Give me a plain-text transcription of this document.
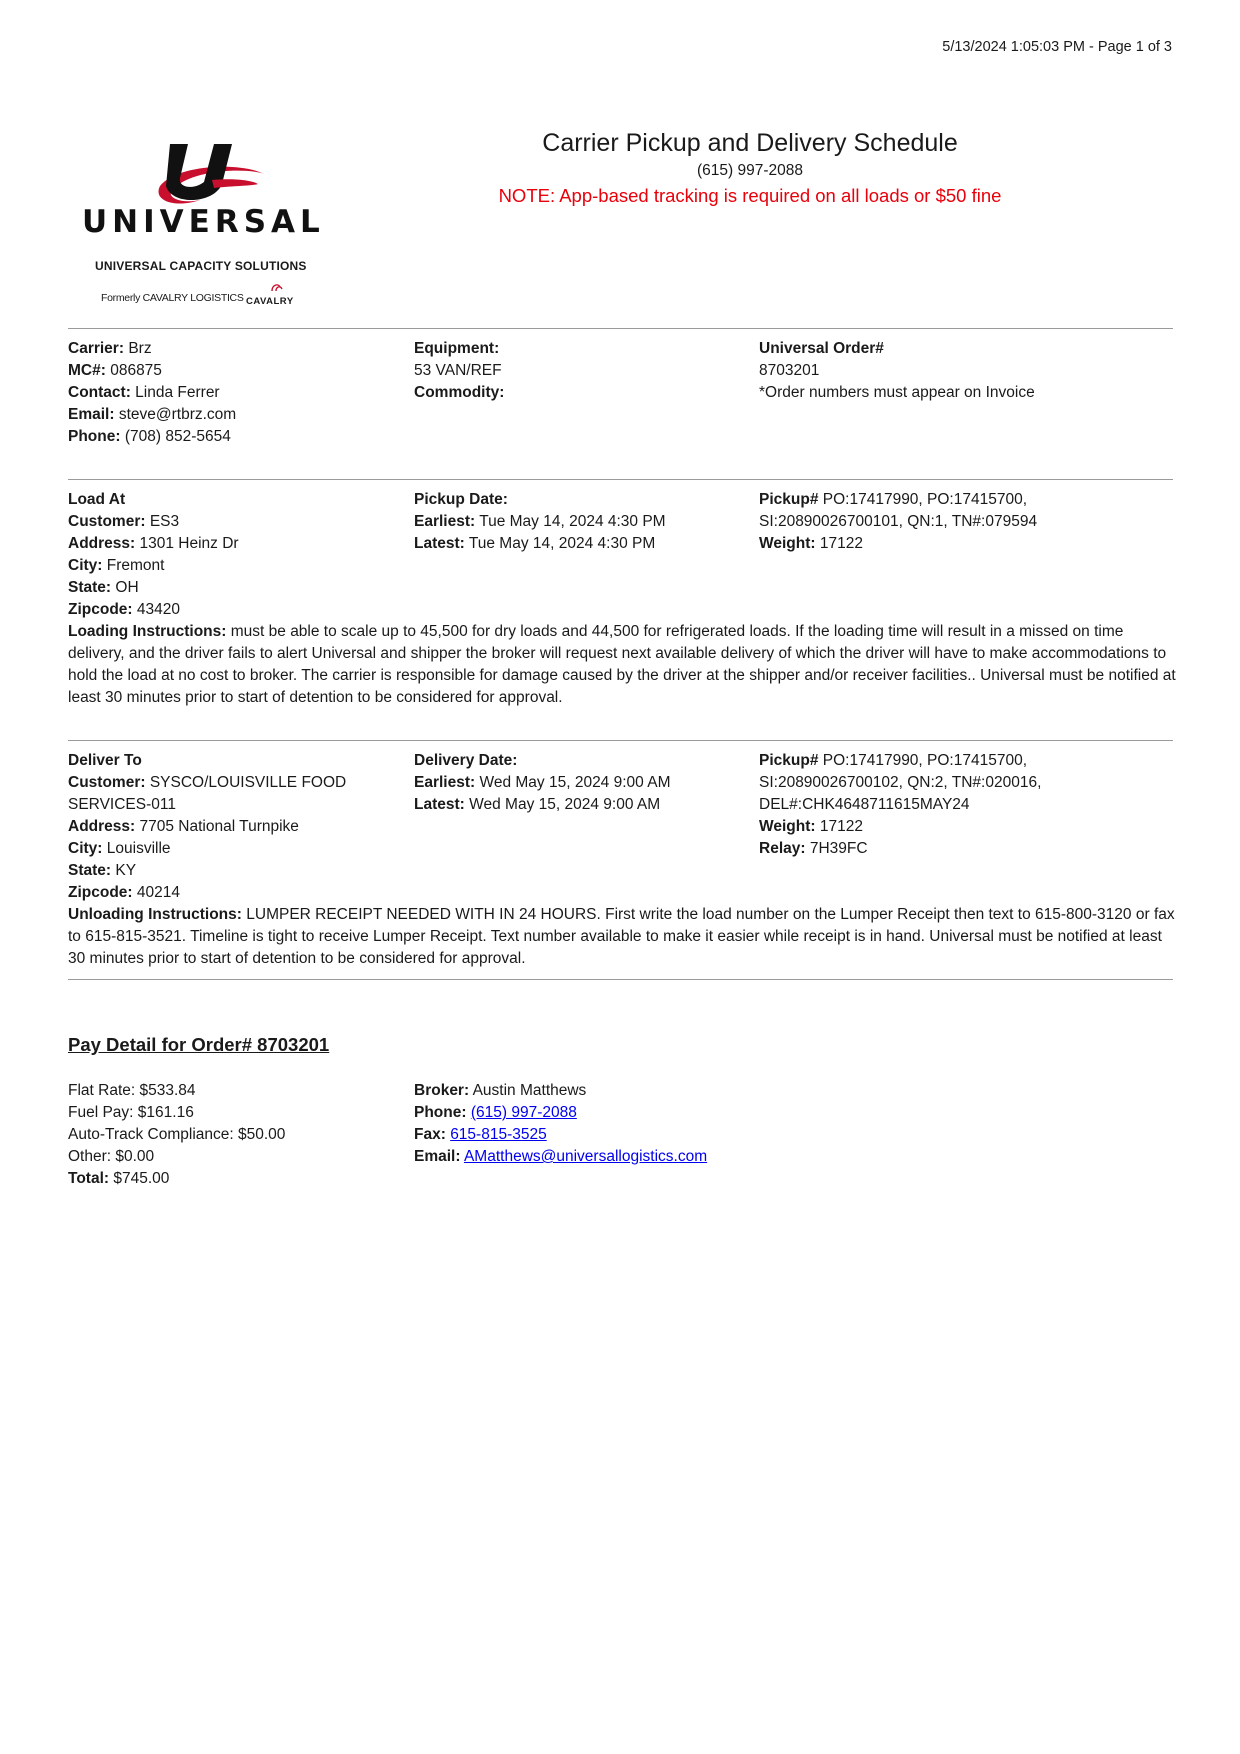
5/13/2024 1:05:03 PM - Page 1 of 3
UNIVERSAL
UNIVERSAL CAPACITY SOLUTIONS
Formerly CAVALRY LOGISTICS CAVALRY
Carrier Pickup and Delivery Schedule
(615) 997-2088
NOTE: App-based tracking is required on all loads or $50 fine
Carrier: Brz
MC#: 086875
Contact: Linda Ferrer
Email: steve@rtbrz.com
Phone: (708) 852-5654
Equipment:
53 VAN/REF
Commodity:
Universal Order#
8703201
*Order numbers must appear on Invoice
Load At
Customer: ES3
Address: 1301 Heinz Dr
City: Fremont
State: OH
Zipcode: 43420
Pickup Date:
Earliest: Tue May 14, 2024 4:30 PM
Latest: Tue May 14, 2024 4:30 PM
Pickup# PO:17417990, PO:17415700,
SI:20890026700101, QN:1, TN#:079594
Weight: 17122
Loading Instructions: must be able to scale up to 45,500 for dry loads and 44,500 for refrigerated loads. If the loading time will result in a missed on time delivery, and the driver fails to alert Universal and shipper the broker will request next available delivery of which the driver will have to make accommodations to hold the load at no cost to broker. The carrier is responsible for damage caused by the driver at the shipper and/or receiver facilities.. Universal must be notified at least 30 minutes prior to start of detention to be considered for approval.
Deliver To
Customer: SYSCO/LOUISVILLE FOOD
SERVICES-011
Address: 7705 National Turnpike
City: Louisville
State: KY
Zipcode: 40214
Delivery Date:
Earliest: Wed May 15, 2024 9:00 AM
Latest: Wed May 15, 2024 9:00 AM
Pickup# PO:17417990, PO:17415700,
SI:20890026700102, QN:2, TN#:020016,
DEL#:CHK4648711615MAY24
Weight: 17122
Relay: 7H39FC
Unloading Instructions: LUMPER RECEIPT NEEDED WITH IN 24 HOURS. First write the load number on the Lumper Receipt then text to 615-800-3120 or fax to 615-815-3521. Timeline is tight to receive Lumper Receipt. Text number available to make it easier while receipt is in hand. Universal must be notified at least 30 minutes prior to start of detention to be considered for approval.
Pay Detail for Order# 8703201
Flat Rate: $533.84
Fuel Pay: $161.16
Auto-Track Compliance: $50.00
Other: $0.00
Total: $745.00
Broker: Austin Matthews
Phone: (615) 997-2088
Fax: 615-815-3525
Email: AMatthews@universallogistics.com
